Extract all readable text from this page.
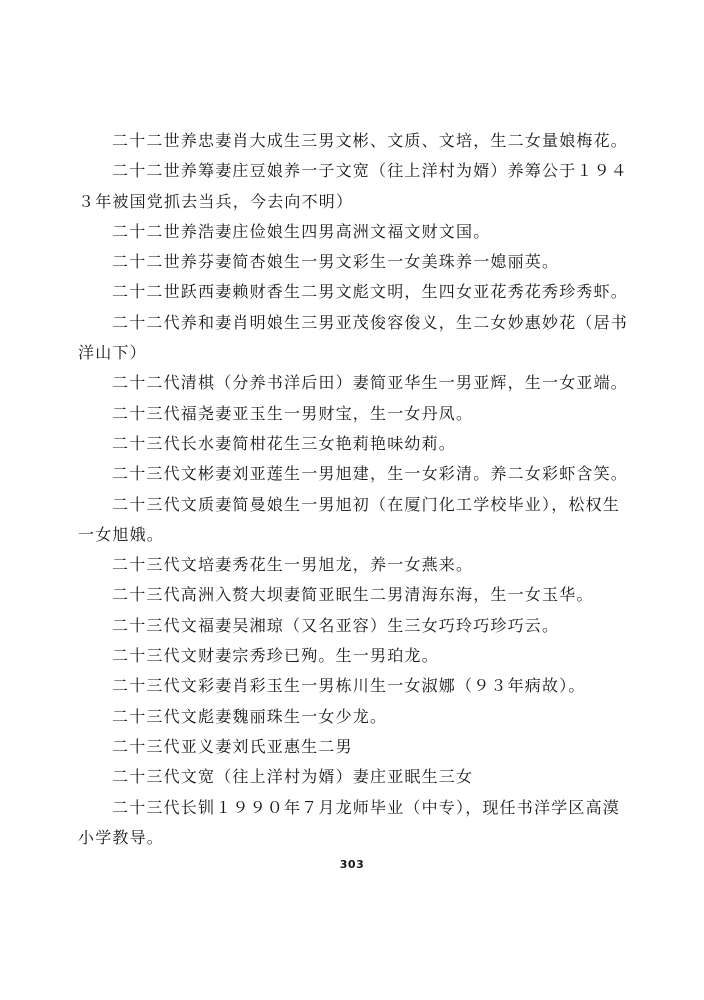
二十二世养忠妻肖大成生三男文彬、文质、文培，生二女量娘梅花。

二十二世养筹妻庄豆娘养一子文宽（往上洋村为婿）养筹公于１９４３年被国党抓去当兵，今去向不明）

二十二世养浩妻庄俭娘生四男高洲文福文财文国。

二十二世养芬妻简杏娘生一男文彩生一女美珠养一媳丽英。

二十二世跃西妻赖财香生二男文彪文明，生四女亚花秀花秀珍秀虾。

二十二代养和妻肖明娘生三男亚茂俊容俊义，生二女妙惠妙花（居书洋山下）

二十二代清棋（分养书洋后田）妻简亚华生一男亚辉，生一女亚端。

二十三代福尧妻亚玉生一男财宝，生一女丹凤。

二十三代长水妻简柑花生三女艳莉艳味幼莉。

二十三代文彬妻刘亚莲生一男旭建，生一女彩清。养二女彩虾含笑。

二十三代文质妻简曼娘生一男旭初（在厦门化工学校毕业），松权生一女旭娥。

二十三代文培妻秀花生一男旭龙，养一女燕来。

二十三代高洲入赘大坝妻简亚眠生二男清海东海，生一女玉华。

二十三代文福妻吴湘琼（又名亚容）生三女巧玲巧珍巧云。

二十三代文财妻宗秀珍已殉。生一男珀龙。

二十三代文彩妻肖彩玉生一男栋川生一女淑娜（９３年病故）。

二十三代文彪妻魏丽珠生一女少龙。

二十三代亚义妻刘氏亚惠生二男

二十三代文宽（往上洋村为婿）妻庄亚眠生三女

二十三代长钏１９９０年７月龙师毕业（中专），现任书洋学区高漠小学教导。

303
